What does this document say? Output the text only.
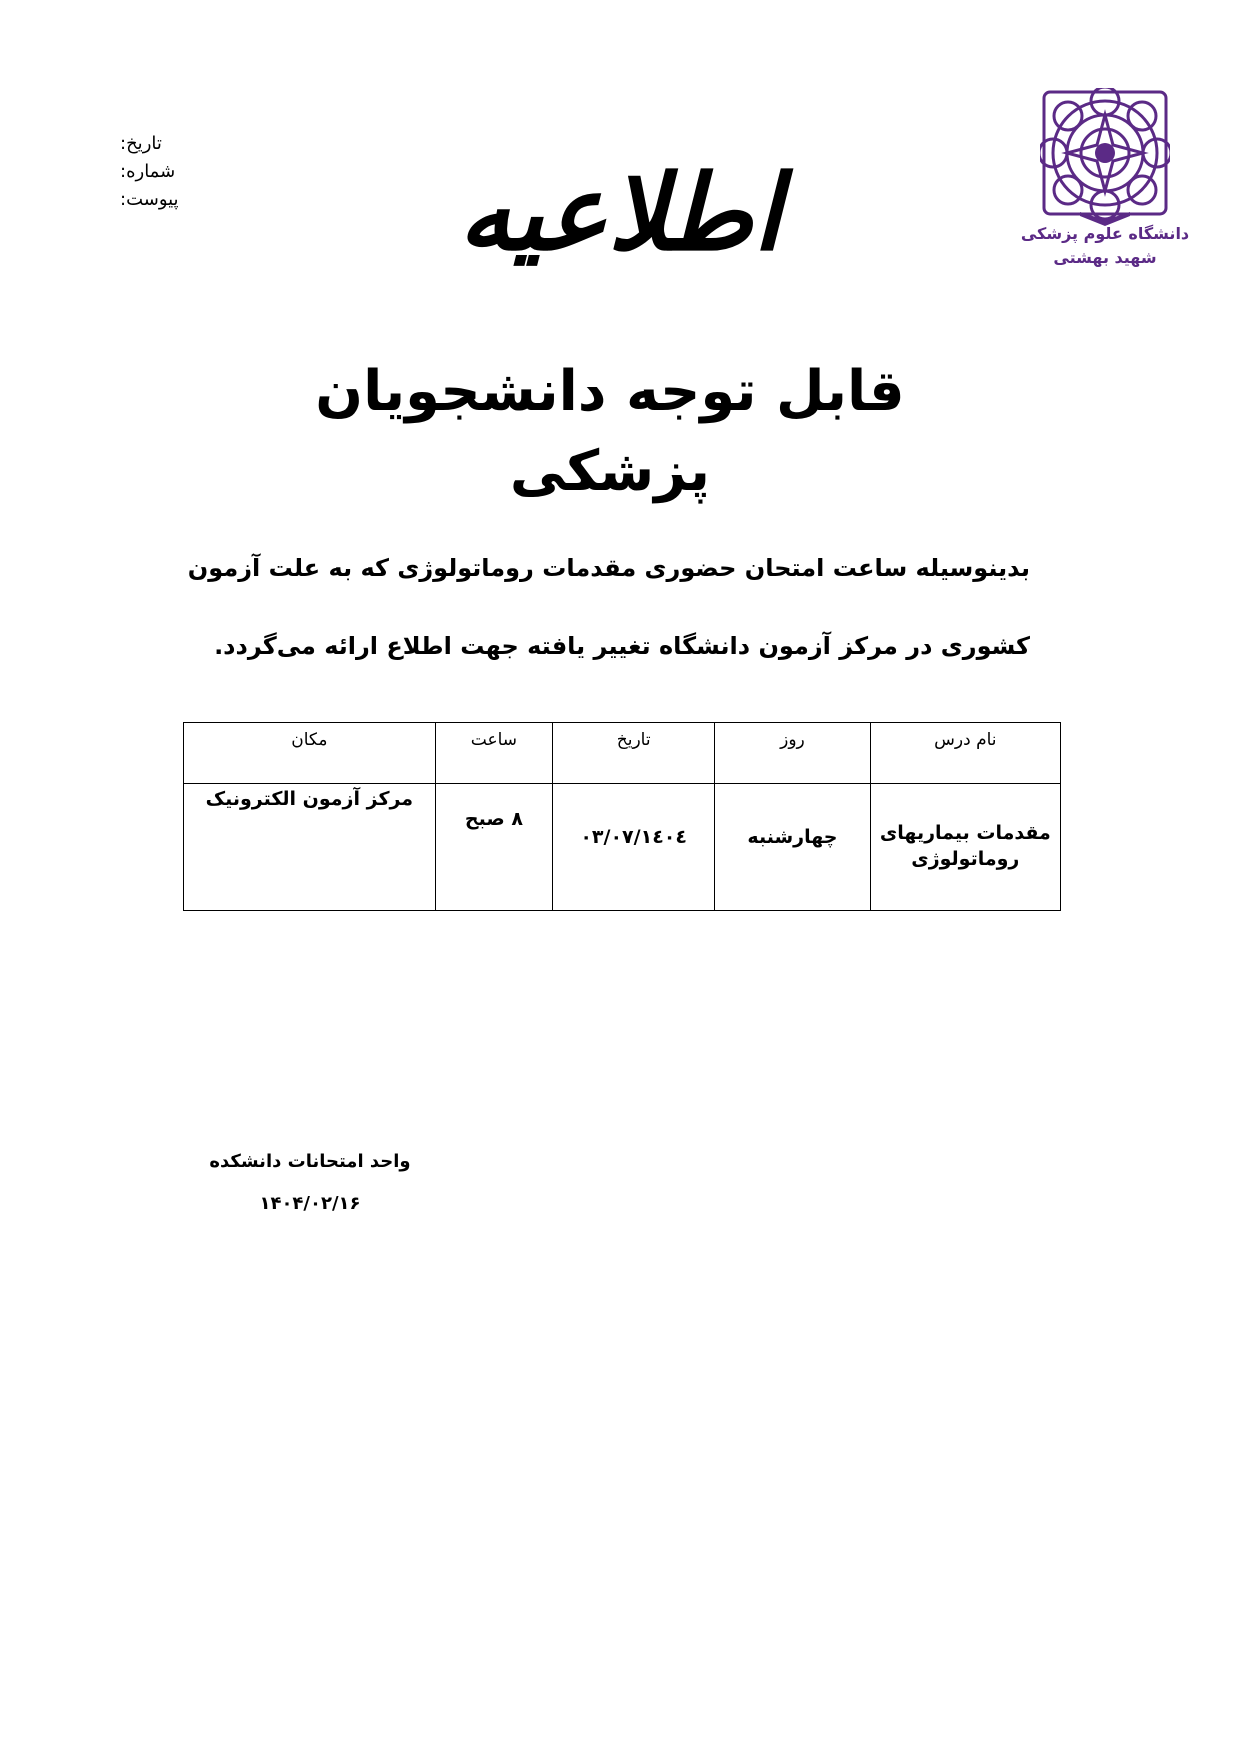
تاریخ:
شماره:
پیوست:
دانشگاه علوم پزشکی
شهید بهشتی
اطلاعیه
قابل توجه دانشجویان پزشکی
بدینوسیله ساعت امتحان حضوری مقدمات روماتولوژی که به علت آزمون
کشوری در مرکز آزمون دانشگاه تغییر یافته جهت اطلاع ارائه می‌گردد.
نام درس	روز	تاریخ	ساعت	مکان
مقدمات بیماریهای روماتولوژی	چهارشنبه	۱٤۰٤/۰۳/۰۷	۸ صبح	مرکز آزمون الکترونیک
واحد امتحانات دانشکده
۱۴۰۴/۰۲/۱۶
